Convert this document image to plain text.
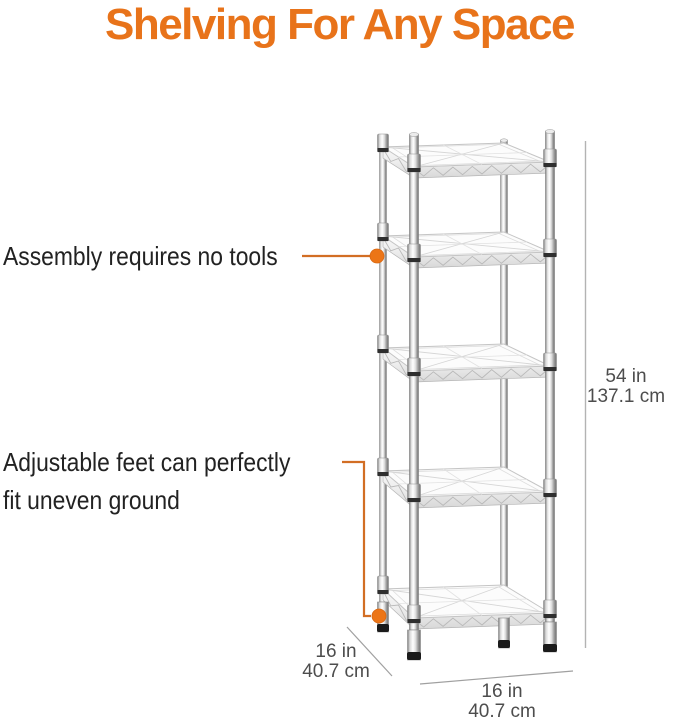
Shelving For Any Space
Assembly requires no tools
Adjustable feet can perfectly
fit uneven ground
54 in
137.1 cm
16 in
40.7 cm
16 in
40.7 cm
